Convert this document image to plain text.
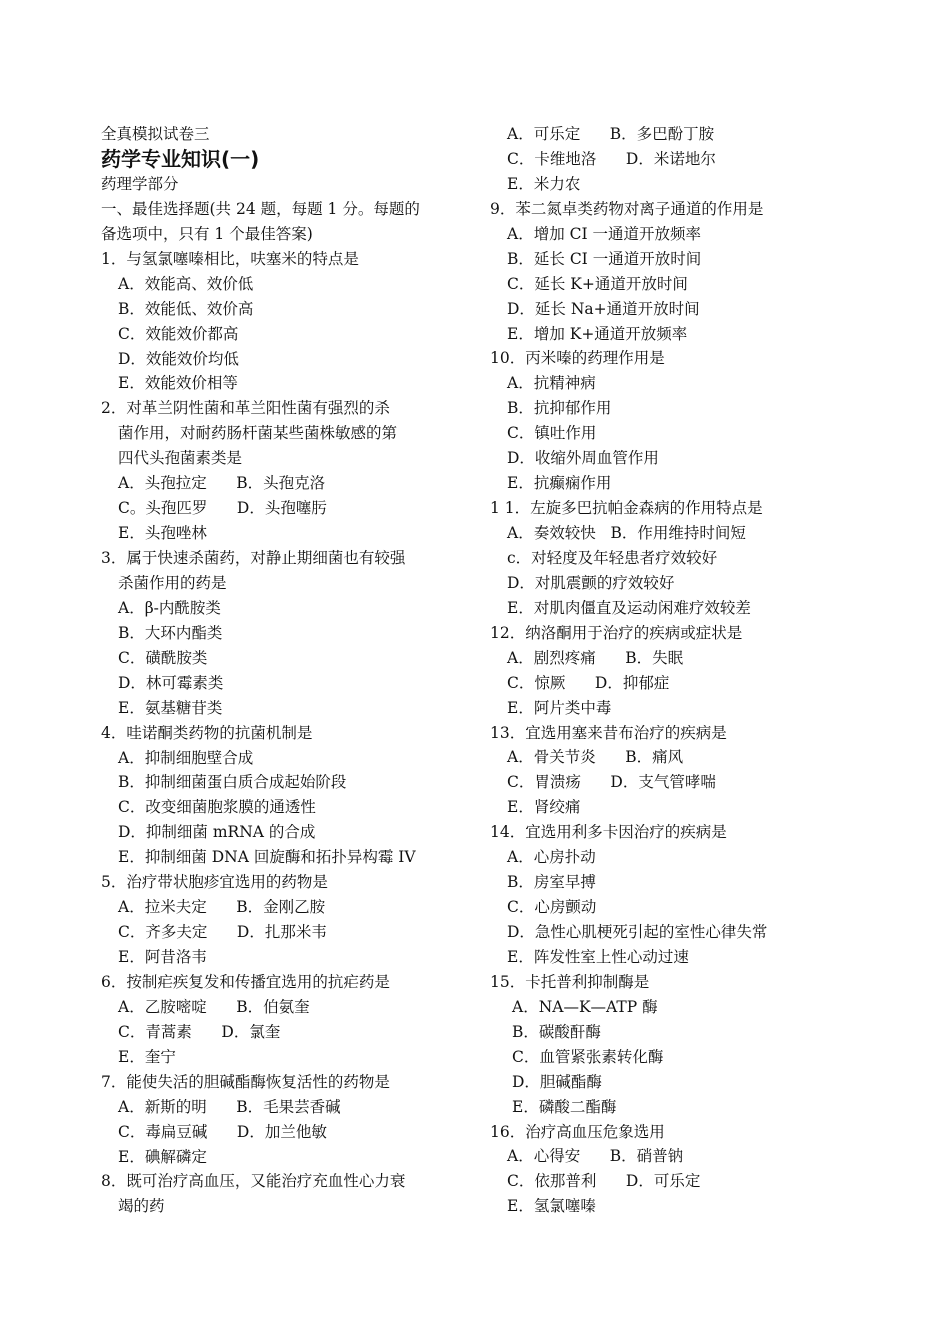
全真模拟试卷三
药学专业知识(一)
药理学部分
一、最佳选择题(共 24 题，每题 1 分。每题的
备选项中，只有 1 个最佳答案)
1．与氢氯噻嗪相比，呋塞米的特点是
A．效能高、效价低
B．效能低、效价高
C．效能效价都高
D．效能效价均低
E．效能效价相等
2．对革兰阴性菌和革兰阳性菌有强烈的杀
菌作用，对耐药肠杆菌某些菌株敏感的第
四代头孢菌素类是
A．头孢拉定      B．头孢克洛
C。头孢匹罗      D．头孢噻肟
E．头孢唑林
3．属于快速杀菌药，对静止期细菌也有较强
杀菌作用的药是
A．β-内酰胺类
B．大环内酯类
C．磺酰胺类
D．林可霉素类
E．氨基糖苷类
4．哇诺酮类药物的抗菌机制是
A．抑制细胞壁合成
B．抑制细菌蛋白质合成起始阶段
C．改变细菌胞浆膜的通透性
D．抑制细菌 mRNA 的合成
E．抑制细菌 DNA 回旋酶和拓扑异构霉 IV
5．治疗带状胞疹宜选用的药物是
A．拉米夫定      B．金刚乙胺
C．齐多夫定      D．扎那米韦
E．阿昔洛韦
6．按制疟疾复发和传播宜选用的抗疟药是
A．乙胺嘧啶      B．伯氨奎
C．青蒿素      D．氯奎
E．奎宁
7．能使失活的胆碱酯酶恢复活性的药物是
A．新斯的明      B．毛果芸香碱
C．毒扁豆碱      D．加兰他敏
E．碘解磷定
8．既可治疗高血压，又能治疗充血性心力衰
竭的药
A．可乐定      B．多巴酚丁胺
C．卡维地洛      D．米诺地尔
E．米力农
9．苯二氮卓类药物对离子通道的作用是
A．增加 CI 一通道开放频率
B．延长 CI 一通道开放时间
C．延长 K+通道开放时间
D．延长 Na+通道开放时间
E．增加 K+通道开放频率
10．丙米嗪的药理作用是
A．抗精神病
B．抗抑郁作用
C．镇吐作用
D．收缩外周血管作用
E．抗癫痫作用
1 1．左旋多巴抗帕金森病的作用特点是
A．奏效较快   B．作用维持时间短
c．对轻度及年轻患者疗效较好
D．对肌震颤的疗效较好
E．对肌肉僵直及运动闲难疗效较差
12．纳洛酮用于治疗的疾病或症状是
A．剧烈疼痛      B．失眠
C．惊厥      D．抑郁症
E．阿片类中毒
13．宜选用塞来昔布治疗的疾病是
A．骨关节炎      B．痛风
C．胃溃疡      D．支气管哮喘
E．肾绞痛
14．宜选用利多卡因治疗的疾病是
A．心房扑动
B．房室早搏
C．心房颤动
D．急性心肌梗死引起的室性心律失常
E．阵发性室上性心动过速
15．卡托普利抑制酶是
A．NA—K—ATP 酶
B．碳酸酐酶
C．血管紧张素转化酶
D．胆碱酯酶
E．磷酸二酯酶
16．治疗高血压危象选用
A．心得安      B．硝普钠
C．依那普利      D．可乐定
E．氢氯噻嗪
